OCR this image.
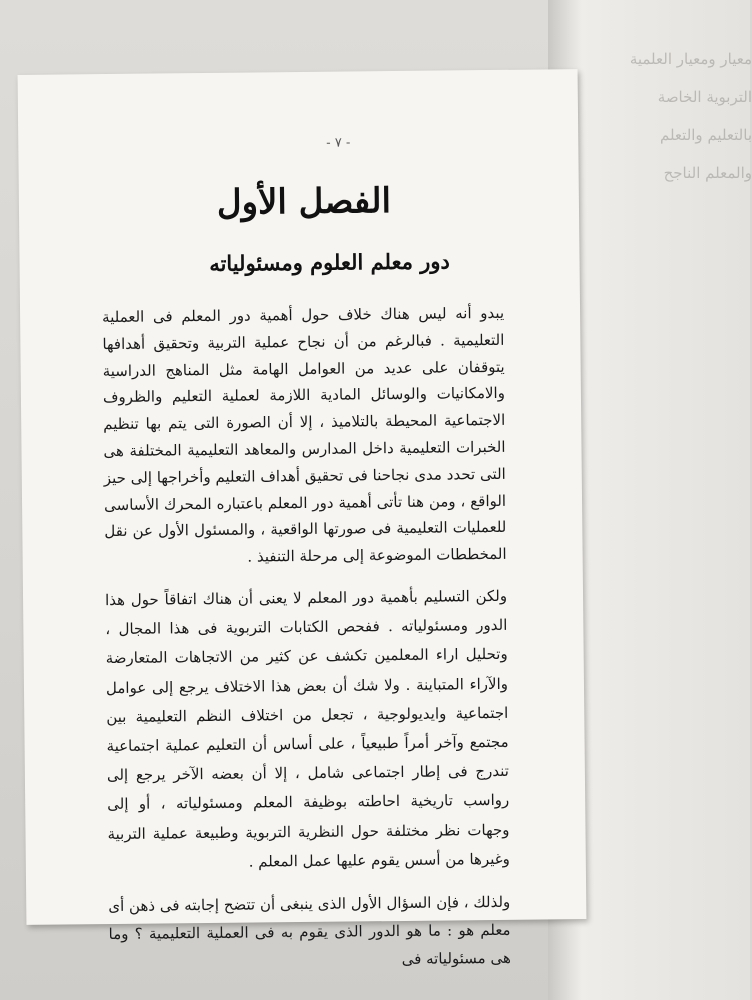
معيار ومعيار العلمية
التربوية الخاصة
بالتعليم والتعلم
والمعلم الناجح
- ٧ -
الفصل الأول
دور معلم العلوم ومسئولياته

يبدو أنه ليس هناك خلاف حول أهمية دور المعلم فى العملية التعليمية . فبالرغم من أن نجاح عملية التربية وتحقيق أهدافها يتوقفان على عديد من العوامل الهامة مثل المناهج الدراسية والامكانيات والوسائل المادية اللازمة لعملية التعليم والظروف الاجتماعية المحيطة بالتلاميذ ، إلا أن الصورة التى يتم بها تنظيم الخبرات التعليمية داخل المدارس والمعاهد التعليمية المختلفة هى التى تحدد مدى نجاحنا فى تحقيق أهداف التعليم وأخراجها إلى حيز الواقع ، ومن هنا تأتى أهمية دور المعلم باعتباره المحرك الأساسى للعمليات التعليمية فى صورتها الواقعية ، والمسئول الأول عن نقل المخططات الموضوعة إلى مرحلة التنفيذ .

ولكن التسليم بأهمية دور المعلم لا يعنى أن هناك اتفاقاً حول هذا الدور ومسئولياته . ففحص الكتابات التربوية فى هذا المجال ، وتحليل اراء المعلمين تكشف عن كثير من الاتجاهات المتعارضة والآراء المتباينة . ولا شك أن بعض هذا الاختلاف يرجع إلى عوامل اجتماعية وايديولوجية ، تجعل من اختلاف النظم التعليمية بين مجتمع وآخر أمراً طبيعياً ، على أساس أن التعليم عملية اجتماعية تندرج فى إطار اجتماعى شامل ، إلا أن بعضه الآخر يرجع إلى رواسب تاريخية احاطته بوظيفة المعلم ومسئولياته ، أو إلى وجهات نظر مختلفة حول النظرية التربوية وطبيعة عملية التربية وغيرها من أسس يقوم عليها عمل المعلم .

ولذلك ، فإن السؤال الأول الذى ينبغى أن تتضح إجابته فى ذهن أى معلم هو : ما هو الدور الذى يقوم به فى العملية التعليمية ؟ وما هى مسئولياته فى
